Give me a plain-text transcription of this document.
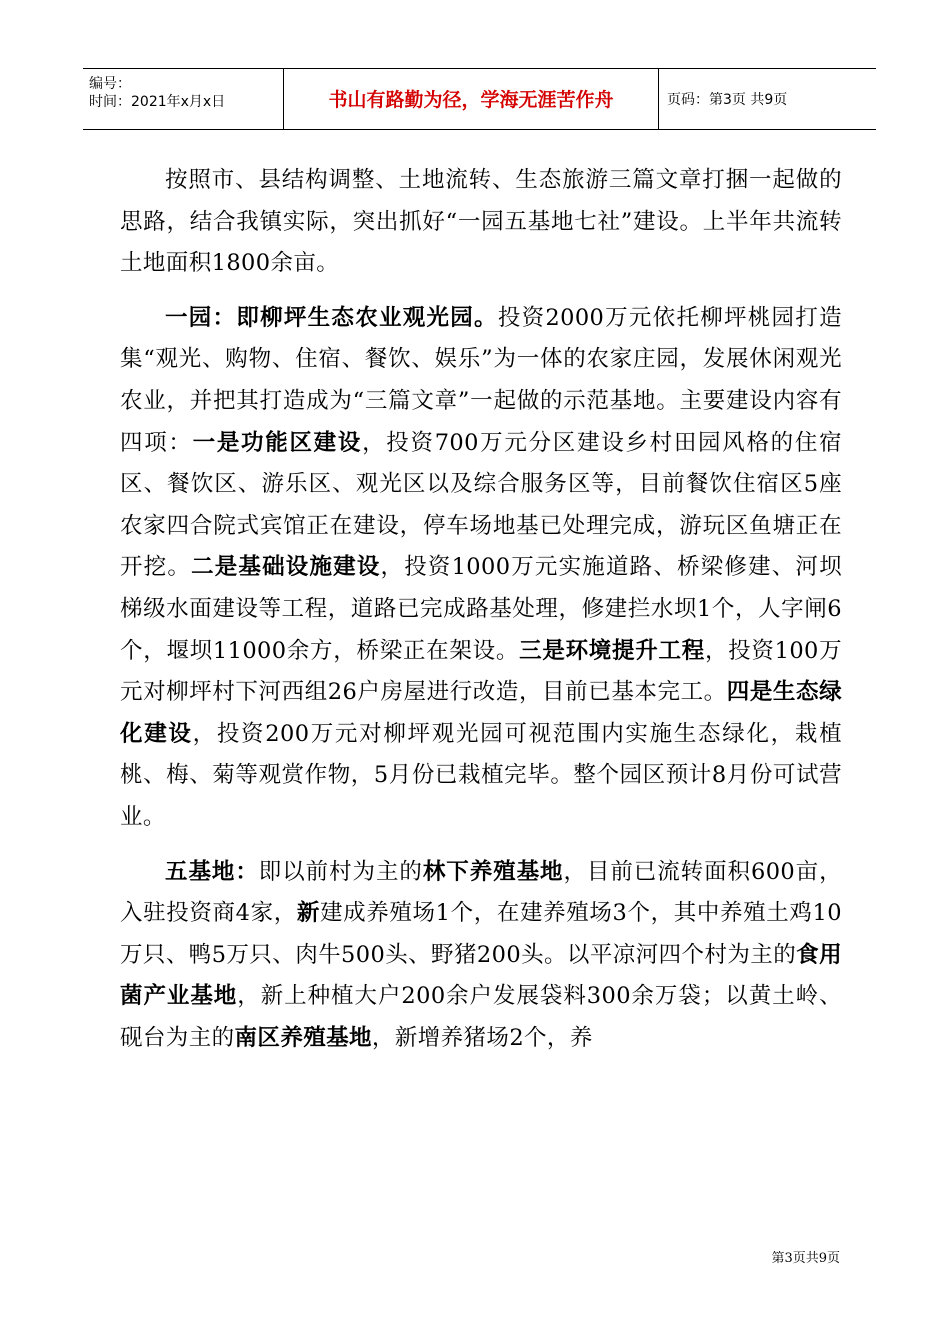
编号：
时间：2021年x月x日	书山有路勤为径，学海无涯苦作舟	页码：第3页 共9页

按照市、县结构调整、土地流转、生态旅游三篇文章打捆一起做的思路，结合我镇实际，突出抓好“一园五基地七社”建设。上半年共流转土地面积1800余亩。

一园：即柳坪生态农业观光园。投资2000万元依托柳坪桃园打造集“观光、购物、住宿、餐饮、娱乐”为一体的农家庄园，发展休闲观光农业，并把其打造成为“三篇文章”一起做的示范基地。主要建设内容有四项：一是功能区建设，投资700万元分区建设乡村田园风格的住宿区、餐饮区、游乐区、观光区以及综合服务区等，目前餐饮住宿区5座农家四合院式宾馆正在建设，停车场地基已处理完成，游玩区鱼塘正在开挖。二是基础设施建设，投资1000万元实施道路、桥梁修建、河坝梯级水面建设等工程，道路已完成路基处理，修建拦水坝1个，人字闸6个，堰坝11000余方，桥梁正在架设。三是环境提升工程，投资100万元对柳坪村下河西组26户房屋进行改造，目前已基本完工。四是生态绿化建设，投资200万元对柳坪观光园可视范围内实施生态绿化，栽植桃、梅、菊等观赏作物，5月份已栽植完毕。整个园区预计8月份可试营业。

五基地：即以前村为主的林下养殖基地，目前已流转面积600亩，入驻投资商4家，新建成养殖场1个，在建养殖场3个，其中养殖土鸡10万只、鸭5万只、肉牛500头、野猪200头。以平凉河四个村为主的食用菌产业基地，新上种植大户200余户发展袋料300余万袋；以黄土岭、砚台为主的南区养殖基地，新增养猪场2个，养

第3页共9页
